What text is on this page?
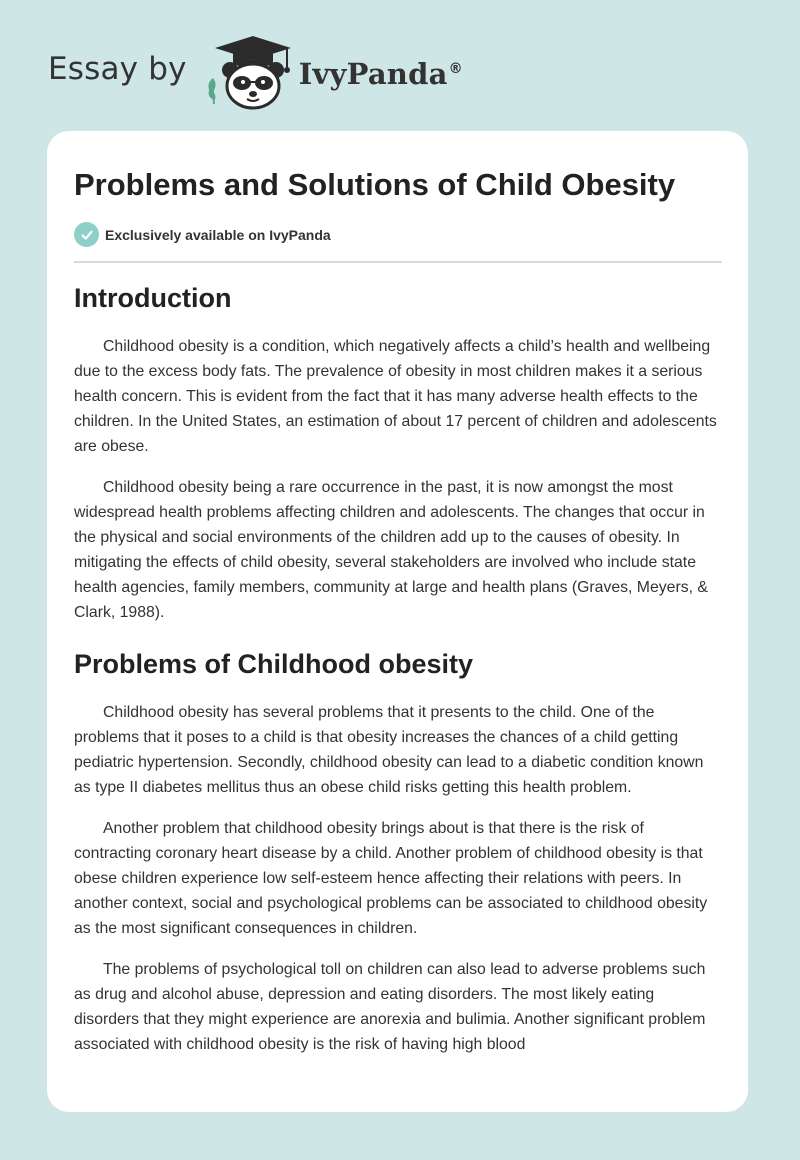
Essay by	IvyPanda®
Problems and Solutions of Child Obesity
Exclusively available on IvyPanda
Introduction

Childhood obesity is a condition, which negatively affects a child’s health and wellbeing due to the excess body fats. The prevalence of obesity in most children makes it a serious health concern. This is evident from the fact that it has many adverse health effects to the children. In the United States, an estimation of about 17 percent of children and adolescents are obese.

Childhood obesity being a rare occurrence in the past, it is now amongst the most widespread health problems affecting children and adolescents. The changes that occur in the physical and social environments of the children add up to the causes of obesity. In mitigating the effects of child obesity, several stakeholders are involved who include state health agencies, family members, community at large and health plans (Graves, Meyers, & Clark, 1988).

Problems of Childhood obesity

Childhood obesity has several problems that it presents to the child. One of the problems that it poses to a child is that obesity increases the chances of a child getting pediatric hypertension. Secondly, childhood obesity can lead to a diabetic condition known as type II diabetes mellitus thus an obese child risks getting this health problem.

Another problem that childhood obesity brings about is that there is the risk of contracting coronary heart disease by a child. Another problem of childhood obesity is that obese children experience low self-esteem hence affecting their relations with peers. In another context, social and psychological problems can be associated to childhood obesity as the most significant consequences in children.

The problems of psychological toll on children can also lead to adverse problems such as drug and alcohol abuse, depression and eating disorders. The most likely eating disorders that they might experience are anorexia and bulimia. Another significant problem associated with childhood obesity is the risk of having high blood
